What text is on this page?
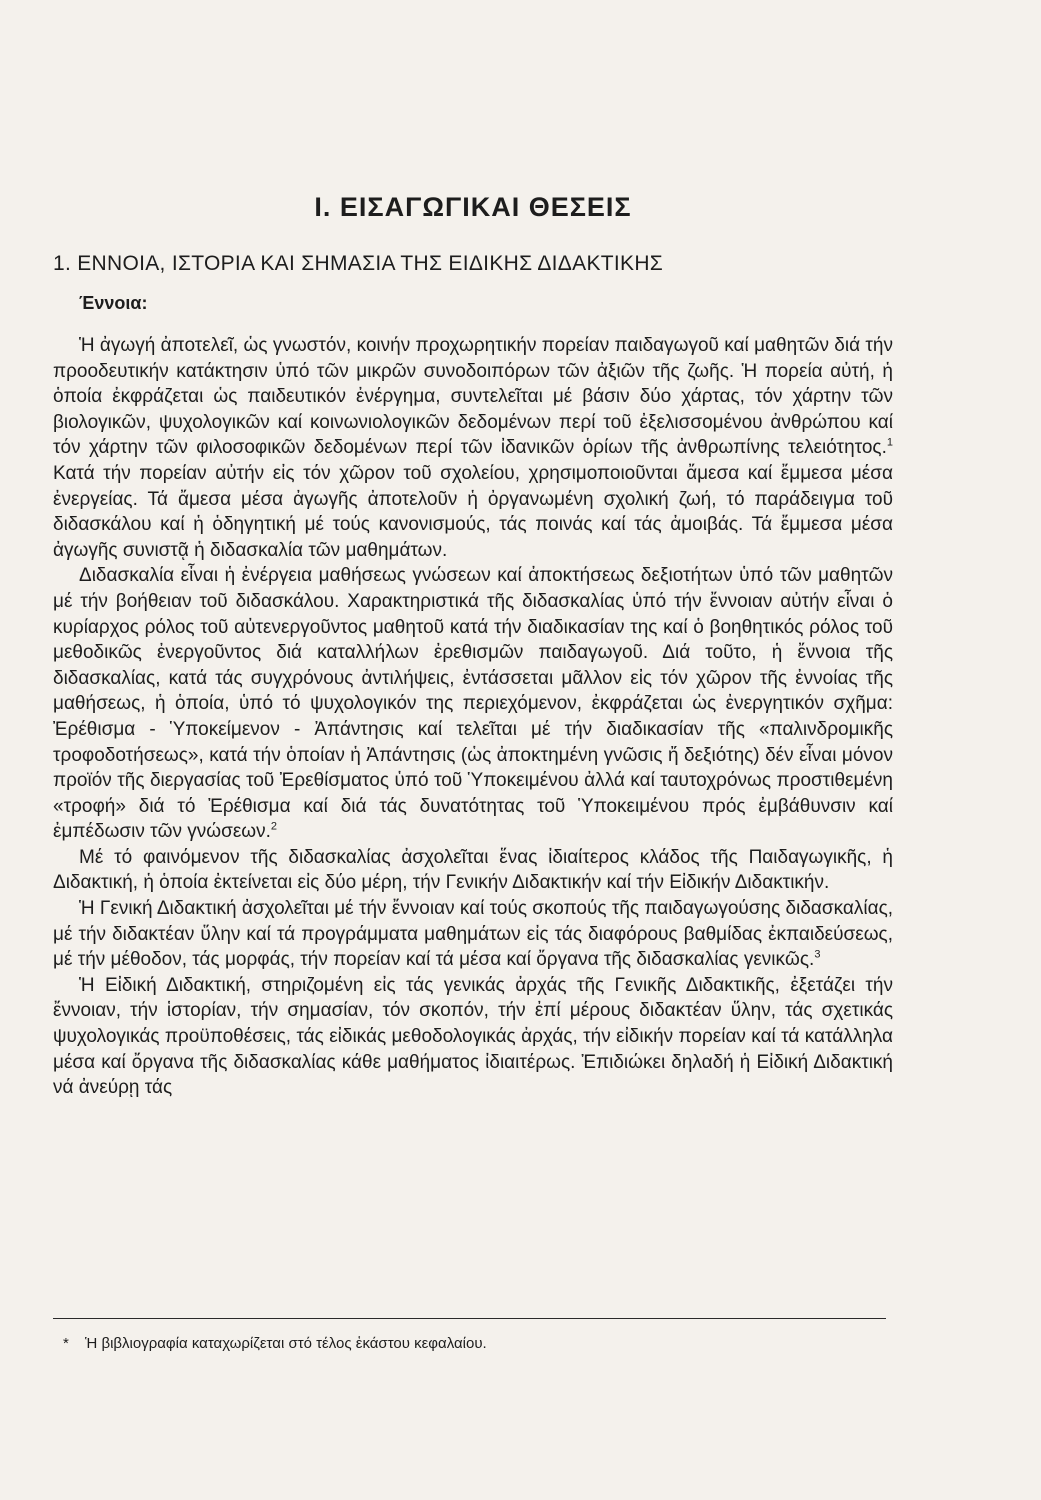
I. ΕΙΣΑΓΩΓΙΚΑΙ ΘΕΣΕΙΣ
1. ΕΝΝΟΙΑ, ΙΣΤΟΡΙΑ ΚΑΙ ΣΗΜΑΣΙΑ ΤΗΣ ΕΙΔΙΚΗΣ ΔΙΔΑΚΤΙΚΗΣ
Έννοια:

Ἡ ἀγωγή ἀποτελεῖ, ὡς γνωστόν, κοινήν προχωρητικήν πορείαν παιδαγωγοῦ καί μαθητῶν διά τήν προοδευτικήν κατάκτησιν ὑπό τῶν μικρῶν συνοδοιπόρων τῶν ἀξιῶν τῆς ζωῆς. Ἡ πορεία αὐτή, ἡ ὁποία ἐκφράζεται ὡς παιδευτικόν ἐνέργημα, συντελεῖται μέ βάσιν δύο χάρτας, τόν χάρτην τῶν βιολογικῶν, ψυχολογικῶν καί κοινωνιολογικῶν δεδομένων περί τοῦ ἐξελισσομένου ἀνθρώπου καί τόν χάρτην τῶν φιλοσοφικῶν δεδομένων περί τῶν ἰδανικῶν ὁρίων τῆς ἀνθρωπίνης τελειότητος.$^1$ Κατά τήν πορείαν αὐτήν εἰς τόν χῶρον τοῦ σχολείου, χρησιμοποιοῦνται ἄμεσα καί ἔμμεσα μέσα ἐνεργείας. Τά ἄμεσα μέσα ἀγωγῆς ἀποτελοῦν ἡ ὀργανωμένη σχολική ζωή, τό παράδειγμα τοῦ διδασκάλου καί ἡ ὁδηγητική μέ τούς κανονισμούς, τάς ποινάς καί τάς ἀμοιβάς. Τά ἔμμεσα μέσα ἀγωγῆς συνιστᾷ ἡ διδασκαλία τῶν μαθημάτων.

Διδασκαλία εἶναι ἡ ἐνέργεια μαθήσεως γνώσεων καί ἀποκτήσεως δεξιοτήτων ὑπό τῶν μαθητῶν μέ τήν βοήθειαν τοῦ διδασκάλου. Χαρακτηριστικά τῆς διδασκαλίας ὑπό τήν ἔννοιαν αὐτήν εἶναι ὁ κυρίαρχος ρόλος τοῦ αὐτενεργοῦντος μαθητοῦ κατά τήν διαδικασίαν της καί ὁ βοηθητικός ρόλος τοῦ μεθοδικῶς ἐνεργοῦντος διά καταλλήλων ἐρεθισμῶν παιδαγωγοῦ. Διά τοῦτο, ἡ ἔννοια τῆς διδασκαλίας, κατά τάς συγχρόνους ἀντιλήψεις, ἐντάσσεται μᾶλλον εἰς τόν χῶρον τῆς ἐννοίας τῆς μαθήσεως, ἡ ὁποία, ὑπό τό ψυχολογικόν της περιεχόμενον, ἐκφράζεται ὡς ἐνεργητικόν σχῆμα: Ἐρέθισμα - Ὑποκείμενον - Ἀπάντησις καί τελεῖται μέ τήν διαδικασίαν τῆς «παλινδρομικῆς τροφοδοτήσεως», κατά τήν ὁποίαν ἡ Ἀπάντησις (ὡς ἀποκτημένη γνῶσις ἤ δεξιότης) δέν εἶναι μόνον προϊόν τῆς διεργασίας τοῦ Ἐρεθίσματος ὑπό τοῦ Ὑποκειμένου ἀλλά καί ταυτοχρόνως προστιθεμένη «τροφή» διά τό Ἐρέθισμα καί διά τάς δυνατότητας τοῦ Ὑποκειμένου πρός ἐμβάθυνσιν καί ἐμπέδωσιν τῶν γνώσεων.$^2$

Μέ τό φαινόμενον τῆς διδασκαλίας ἀσχολεῖται ἕνας ἰδιαίτερος κλάδος τῆς Παιδαγωγικῆς, ἡ Διδακτική, ἡ ὁποία ἐκτείνεται εἰς δύο μέρη, τήν Γενικήν Διδακτικήν καί τήν Εἰδικήν Διδακτικήν.

Ἡ Γενική Διδακτική ἀσχολεῖται μέ τήν ἔννοιαν καί τούς σκοπούς τῆς παιδαγωγούσης διδασκαλίας, μέ τήν διδακτέαν ὕλην καί τά προγράμματα μαθημάτων εἰς τάς διαφόρους βαθμίδας ἐκπαιδεύσεως, μέ τήν μέθοδον, τάς μορφάς, τήν πορείαν καί τά μέσα καί ὄργανα τῆς διδασκαλίας γενικῶς.$^3$

Ἡ Εἰδική Διδακτική, στηριζομένη εἰς τάς γενικάς ἀρχάς τῆς Γενικῆς Διδακτικῆς, ἐξετάζει τήν ἔννοιαν, τήν ἱστορίαν, τήν σημασίαν, τόν σκοπόν, τήν ἐπί μέρους διδακτέαν ὕλην, τάς σχετικάς ψυχολογικάς προϋποθέσεις, τάς εἰδικάς μεθοδολογικάς ἀρχάς, τήν εἰδικήν πορείαν καί τά κατάλληλα μέσα καί ὄργανα τῆς διδασκαλίας κάθε μαθήματος ἰδιαιτέρως. Ἐπιδιώκει δηλαδή ἡ Εἰδική Διδακτική νά ἀνεύρῃ τάς

* Ἡ βιβλιογραφία καταχωρίζεται στό τέλος ἑκάστου κεφαλαίου.
